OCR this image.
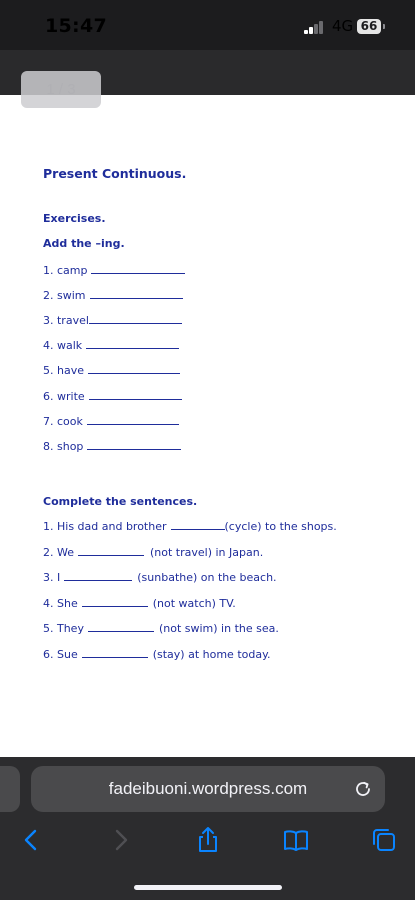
15:47	4G 66
Present Continuous.
Exercises.
Add the –ing.
1. camp
2. swim
3. travel
4. walk
5. have
6. write
7. cook
8. shop
Complete the sentences.
1. His dad and brother	(cycle) to the shops.
2. We	(not travel) in Japan.
3. I	(sunbathe) on the beach.
4. She	(not watch) TV.
5. They	(not swim) in the sea.
6. Sue	(stay) at home today.
1 / 3
fadeibuoni.wordpress.com
